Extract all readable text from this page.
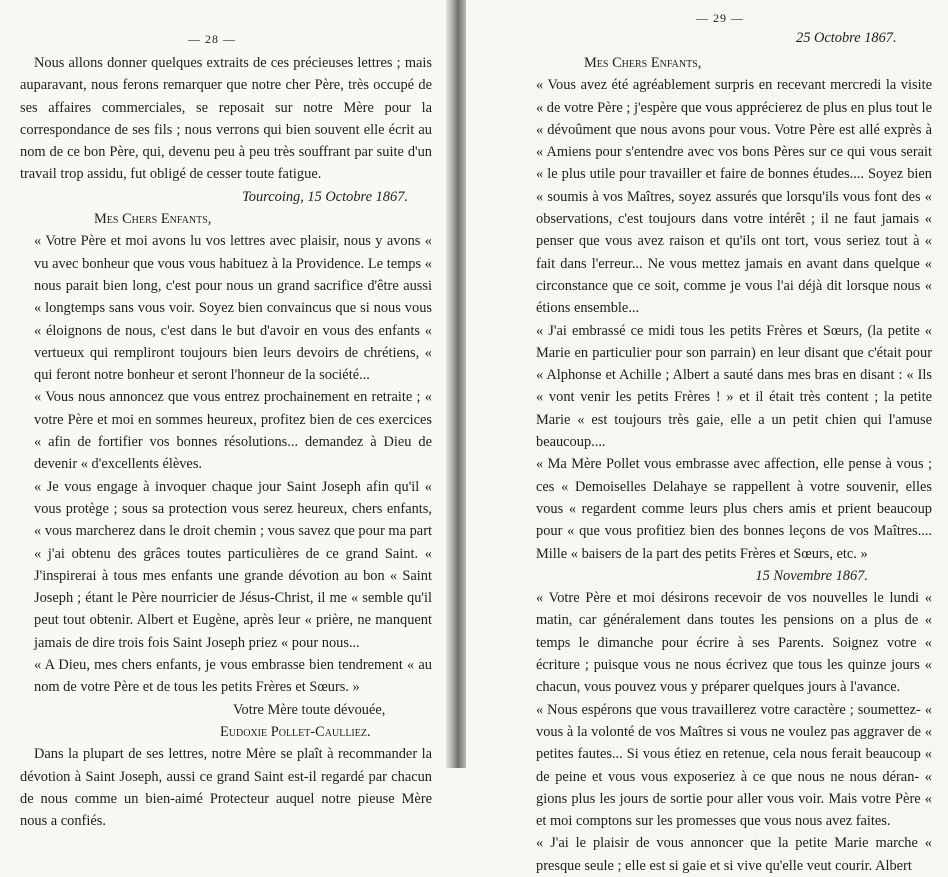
— 28 —

Nous allons donner quelques extraits de ces précieuses lettres ; mais auparavant, nous ferons remarquer que notre cher Père, très occupé de ses affaires commerciales, se reposait sur notre Mère pour la correspondance de ses fils ; nous verrons qui bien souvent elle écrit au nom de ce bon Père, qui, devenu peu à peu très souffrant par suite d'un travail trop assidu, fut obligé de cesser toute fatigue.

Tourcoing, 15 Octobre 1867.

Mes Chers Enfants,

« Votre Père et moi avons lu vos lettres avec plaisir, nous y avons « vu avec bonheur que vous vous habituez à la Providence. Le temps « nous parait bien long, c'est pour nous un grand sacrifice d'être aussi « longtemps sans vous voir. Soyez bien convaincus que si nous vous « éloignons de nous, c'est dans le but d'avoir en vous des enfants « vertueux qui rempliront toujours bien leurs devoirs de chrétiens, « qui feront notre bonheur et seront l'honneur de la société...

« Vous nous annoncez que vous entrez prochainement en retraite ; « votre Père et moi en sommes heureux, profitez bien de ces exercices « afin de fortifier vos bonnes résolutions... demandez à Dieu de devenir « d'excellents élèves.

« Je vous engage à invoquer chaque jour Saint Joseph afin qu'il « vous protège ; sous sa protection vous serez heureux, chers enfants, « vous marcherez dans le droit chemin ; vous savez que pour ma part « j'ai obtenu des grâces toutes particulières de ce grand Saint. « J'inspirerai à tous mes enfants une grande dévotion au bon « Saint Joseph ; étant le Père nourricier de Jésus-Christ, il me « semble qu'il peut tout obtenir. Albert et Eugène, après leur « prière, ne manquent jamais de dire trois fois Saint Joseph priez « pour nous...

« A Dieu, mes chers enfants, je vous embrasse bien tendrement « au nom de votre Père et de tous les petits Frères et Sœurs. »

Votre Mère toute dévouée,

Eudoxie Pollet-Caulliez.

Dans la plupart de ses lettres, notre Mère se plaît à recommander la dévotion à Saint Joseph, aussi ce grand Saint est-il regardé par chacun de nous comme un bien-aimé Protecteur auquel notre pieuse Mère nous a confiés.

— 29 —
25 Octobre 1867.

Mes Chers Enfants,

« Vous avez été agréablement surpris en recevant mercredi la visite « de votre Père ; j'espère que vous apprécierez de plus en plus tout le « dévoûment que nous avons pour vous. Votre Père est allé exprès à « Amiens pour s'entendre avec vos bons Pères sur ce qui vous serait « le plus utile pour travailler et faire de bonnes études.... Soyez bien « soumis à vos Maîtres, soyez assurés que lorsqu'ils vous font des « observations, c'est toujours dans votre intérêt ; il ne faut jamais « penser que vous avez raison et qu'ils ont tort, vous seriez tout à « fait dans l'erreur... Ne vous mettez jamais en avant dans quelque « circonstance que ce soit, comme je vous l'ai déjà dit lorsque nous « étions ensemble...

« J'ai embrassé ce midi tous les petits Frères et Sœurs, (la petite « Marie en particulier pour son parrain) en leur disant que c'était pour « Alphonse et Achille ; Albert a sauté dans mes bras en disant : « Ils « vont venir les petits Frères ! » et il était très content ; la petite Marie « est toujours très gaie, elle a un petit chien qui l'amuse beaucoup....

« Ma Mère Pollet vous embrasse avec affection, elle pense à vous ; ces « Demoiselles Delahaye se rappellent à votre souvenir, elles vous « regardent comme leurs plus chers amis et prient beaucoup pour « que vous profitiez bien des bonnes leçons de vos Maîtres.... Mille « baisers de la part des petits Frères et Sœurs, etc. »

15 Novembre 1867.

« Votre Père et moi désirons recevoir de vos nouvelles le lundi « matin, car généralement dans toutes les pensions on a plus de « temps le dimanche pour écrire à ses Parents. Soignez votre « écriture ; puisque vous ne nous écrivez que tous les quinze jours « chacun, vous pouvez vous y préparer quelques jours à l'avance.

« Nous espérons que vous travaillerez votre caractère ; soumettez- « vous à la volonté de vos Maîtres si vous ne voulez pas aggraver de « petites fautes... Si vous étiez en retenue, cela nous ferait beaucoup « de peine et vous vous exposeriez à ce que nous ne nous déran- « gions plus les jours de sortie pour aller vous voir. Mais votre Père « et moi comptons sur les promesses que vous nous avez faites.

« J'ai le plaisir de vous annoncer que la petite Marie marche « presque seule ; elle est si gaie et si vive qu'elle veut courir. Albert
